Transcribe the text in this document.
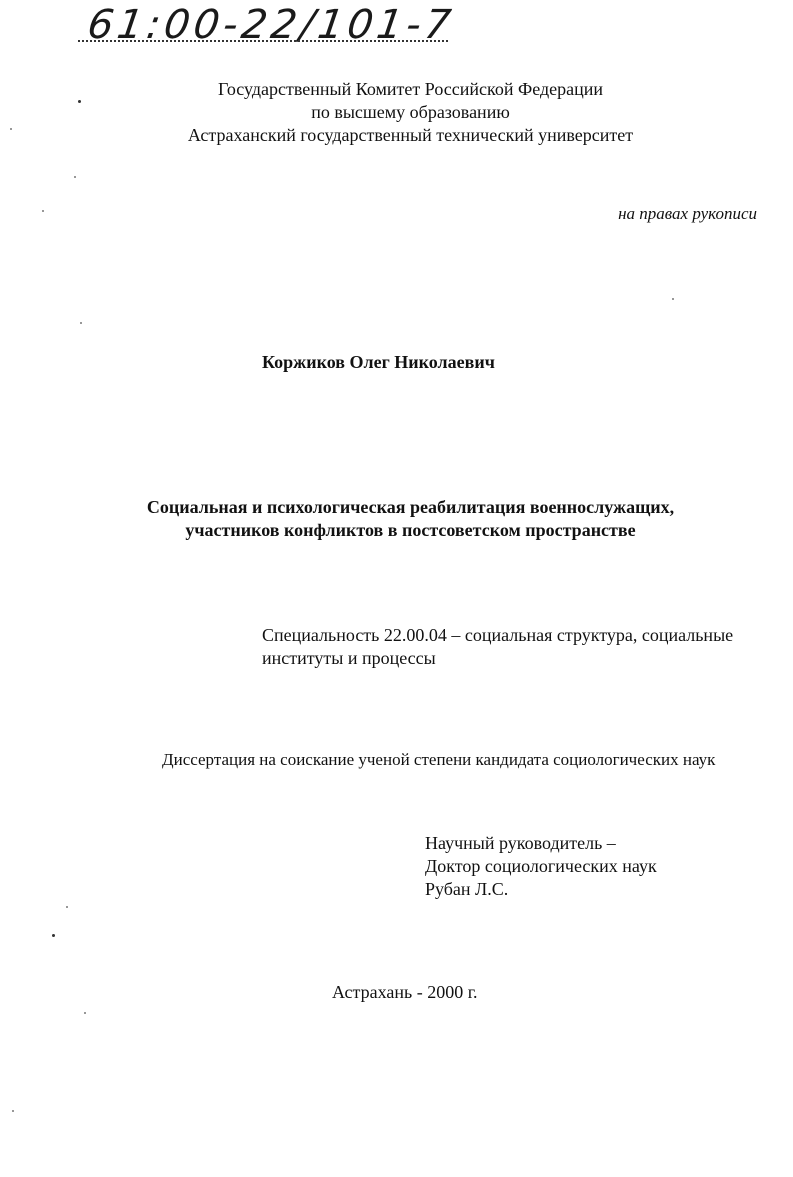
61:00-22/101-7
Государственный Комитет Российской Федерации
по высшему образованию
Астраханский государственный технический университет
на правах рукописи
Коржиков Олег Николаевич
Социальная и психологическая реабилитация военнослужащих,
участников конфликтов в постсоветском пространстве
Специальность 22.00.04 – социальная структура, социальные
институты и процессы
Диссертация на соискание ученой степени кандидата социологических наук
Научный руководитель –
Доктор социологических наук
Рубан Л.С.
Астрахань - 2000 г.
